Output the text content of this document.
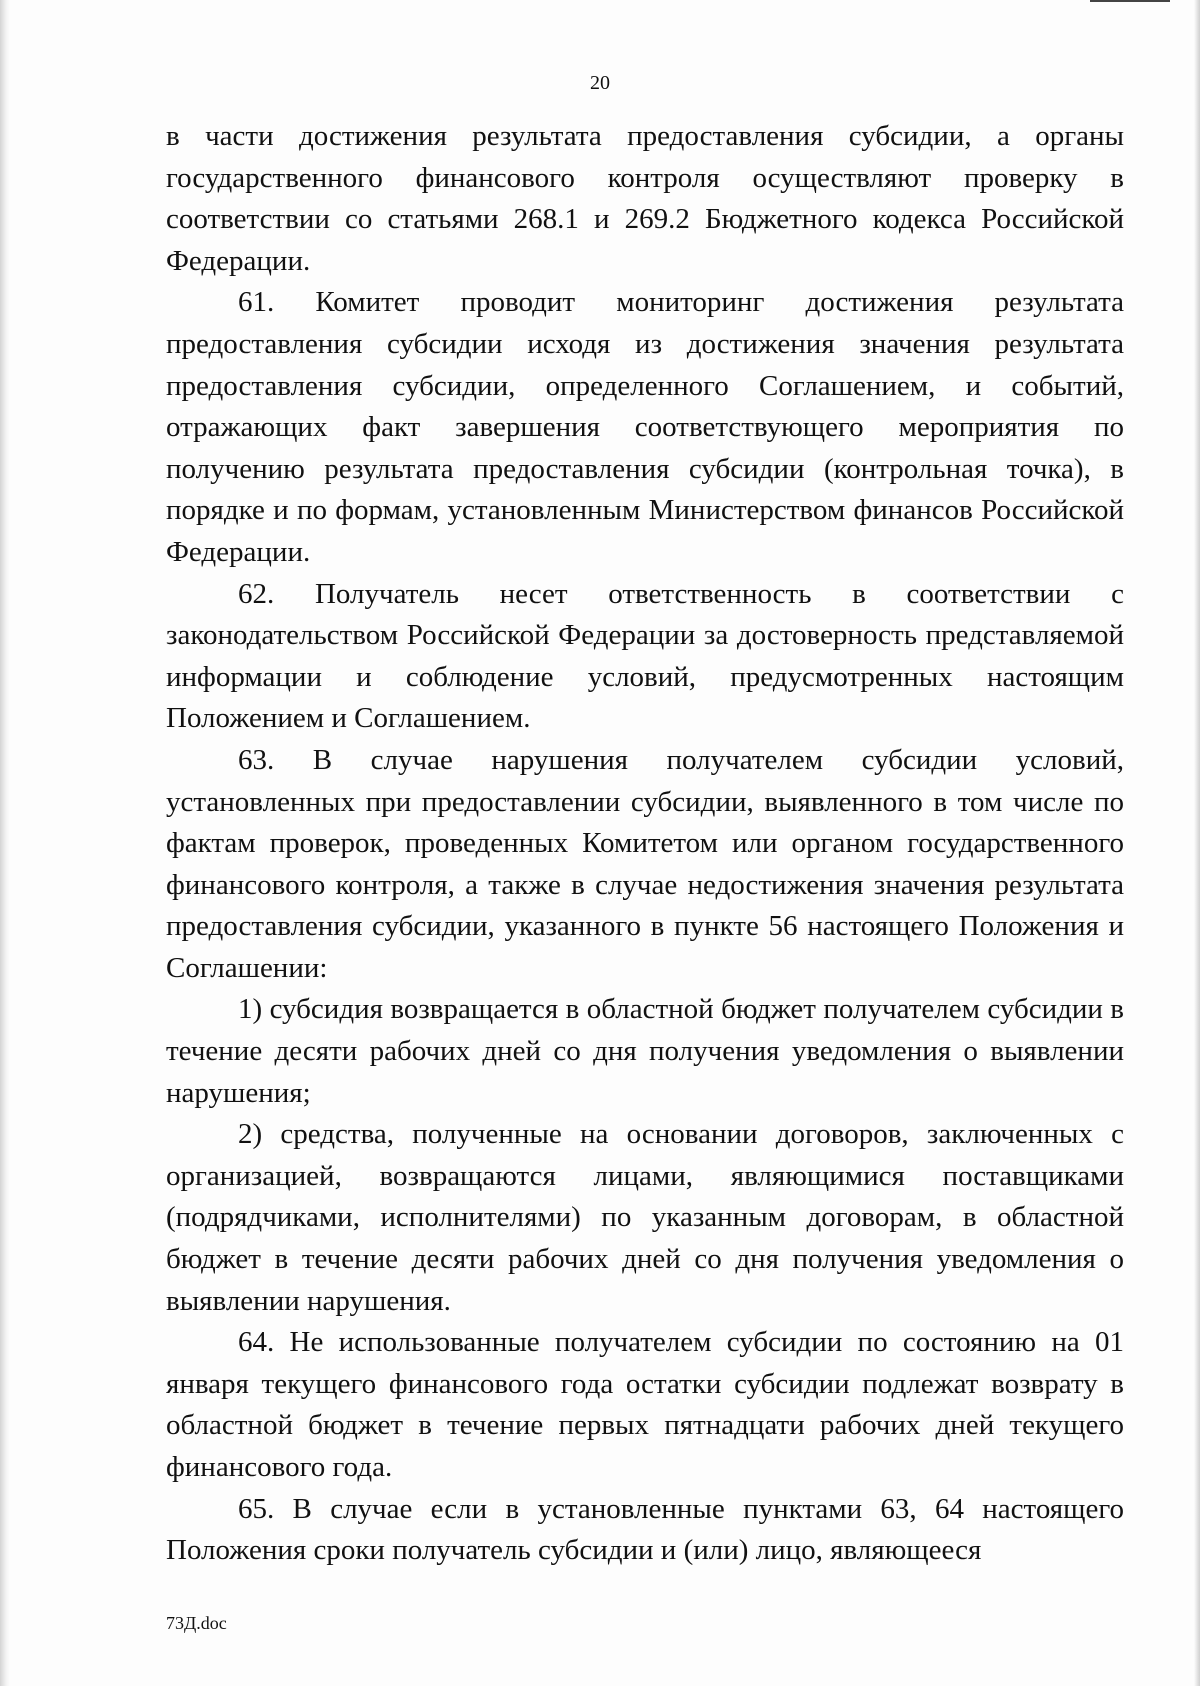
20

в части достижения результата предоставления субсидии, а органы государственного финансового контроля осуществляют проверку в соответствии со статьями 268.1 и 269.2 Бюджетного кодекса Российской Федерации.

61. Комитет проводит мониторинг достижения результата предоставления субсидии исходя из достижения значения результата предоставления субсидии, определенного Соглашением, и событий, отражающих факт завершения соответствующего мероприятия по получению результата предоставления субсидии (контрольная точка), в порядке и по формам, установленным Министерством финансов Российской Федерации.

62. Получатель несет ответственность в соответствии с законодательством Российской Федерации за достоверность представляемой информации и соблюдение условий, предусмотренных настоящим Положением и Соглашением.

63. В случае нарушения получателем субсидии условий, установленных при предоставлении субсидии, выявленного в том числе по фактам проверок, проведенных Комитетом или органом государственного финансового контроля, а также в случае недостижения значения результата предоставления субсидии, указанного в пункте 56 настоящего Положения и Соглашении:

1) субсидия возвращается в областной бюджет получателем субсидии в течение десяти рабочих дней со дня получения уведомления о выявлении нарушения;

2) средства, полученные на основании договоров, заключенных с организацией, возвращаются лицами, являющимися поставщиками (подрядчиками, исполнителями) по указанным договорам, в областной бюджет в течение десяти рабочих дней со дня получения уведомления о выявлении нарушения.

64. Не использованные получателем субсидии по состоянию на 01 января текущего финансового года остатки субсидии подлежат возврату в областной бюджет в течение первых пятнадцати рабочих дней текущего финансового года.

65. В случае если в установленные пунктами 63, 64 настоящего Положения сроки получатель субсидии и (или) лицо, являющееся

73Д.doc
